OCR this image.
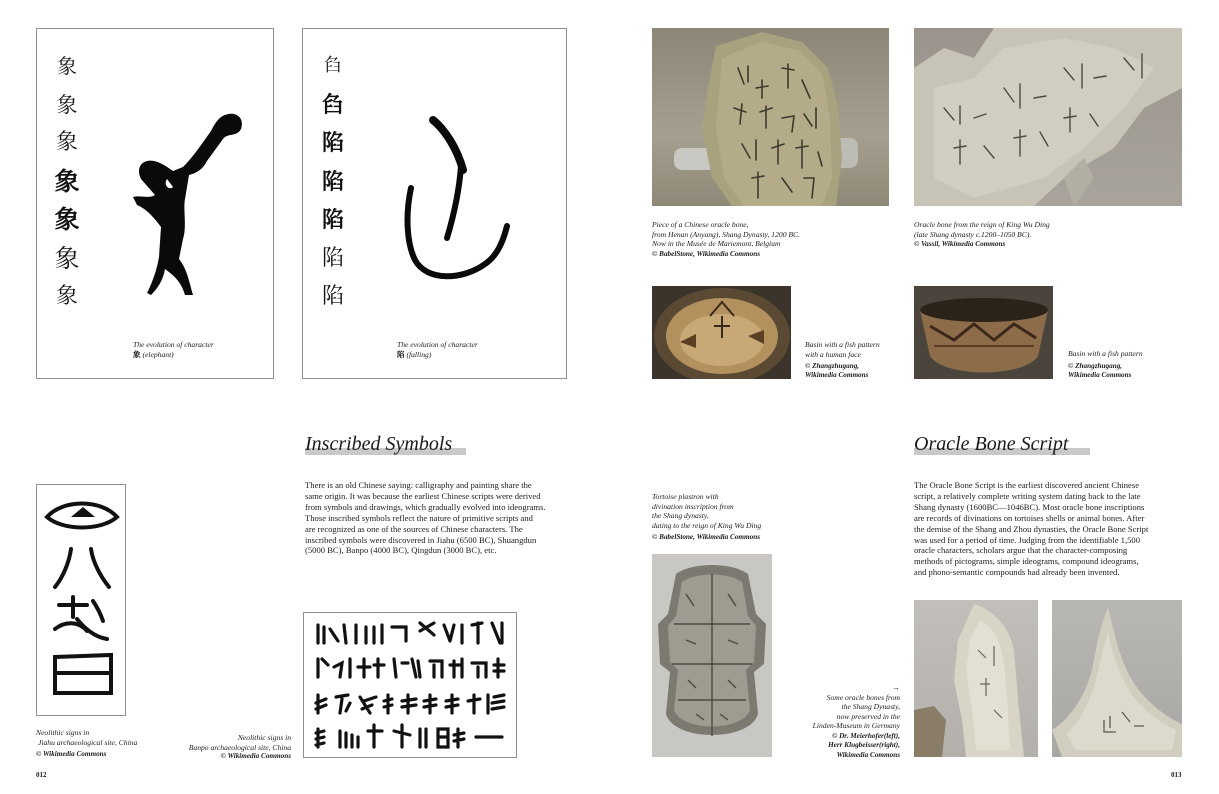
象
象
象
象
象
象
象
The evolution of character
象 (elephant)
臽
臽
陷
陷
陷
陷
陷
The evolution of character
陷 (falling)
Inscribed Symbols
There is an old Chinese saying: calligraphy and painting share the
same origin. It was because the earliest Chinese scripts were derived
from symbols and drawings, which gradually evolved into ideograms.
Those inscribed symbols reflect the nature of primitive scripts and
are recognized as one of the sources of Chinese characters. The
inscribed symbols were discovered in Jiahu (6500 BC), Shuangdun
(5000 BC), Banpo (4000 BC), Qingdun (3000 BC), etc.
Neolithic signs in
Jiahu archaeological site, China
© Wikimedia Commons
Neolithic signs in
Banpo archaeological site, China
© Wikimedia Commons
012
Piece of a Chinese oracle bone,
from Henan (Anyang), Shang Dynasty, 1200 BC.
Now in the Musée de Mariemont, Belgium
© BabelStone, Wikimedia Commons
Oracle bone from the reign of King Wu Ding
(late Shang dynasty c.1200–1050 BC).
© Vassil, Wikimedia Commons
Basin with a fish pattern
with a human face
© Zhangzhugang,
Wikimedia Commons
Basin with a fish pattern
© Zhangzhugang,
Wikimedia Commons
Tortoise plastron with
divination inscription from
the Shang dynasty,
dating to the reign of King Wu Ding
© BabelStone, Wikimedia Commons
Oracle Bone Script
The Oracle Bone Script is the earliest discovered ancient Chinese
script, a relatively complete writing system dating back to the late
Shang dynasty (1600BC—1046BC). Most oracle bone inscriptions
are records of divinations on tortoises shells or animal bones. After
the demise of the Shang and Zhou dynasties, the Oracle Bone Script
was used for a period of time. Judging from the identifiable 1,500
oracle characters, scholars argue that the character-composing
methods of pictograms, simple ideograms, compound ideograms,
and phono-semantic compounds had already been invented.
→
Some oracle bones from
the Shang Dynasty,
now preserved in the
Linden-Museum in Germany
© Dr. Meierhofer(left),
Herr Klugbeisser(right),
Wikimedia Commons
013
